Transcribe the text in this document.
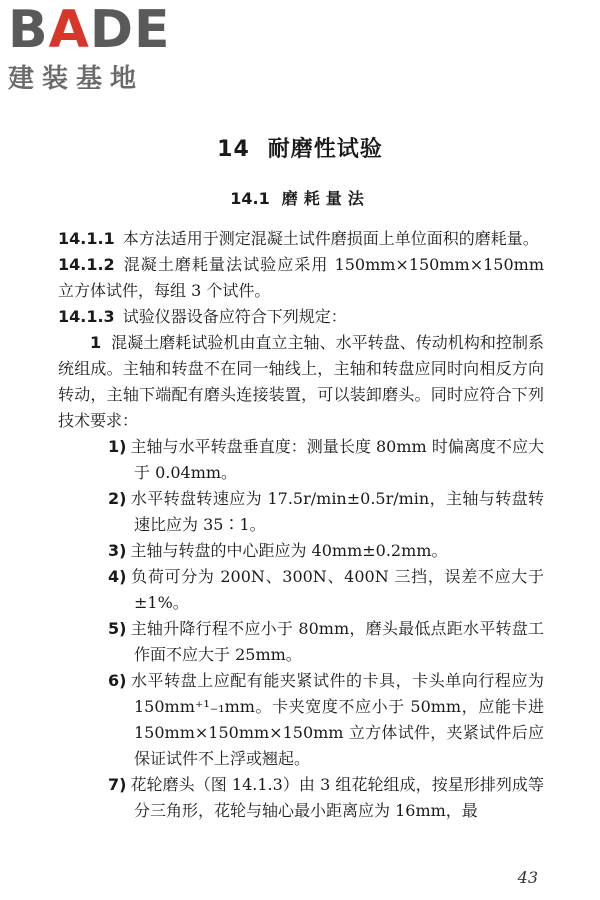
BADE
建装基地
14 耐磨性试验
14.1 磨耗量法

14.1.1 本方法适用于测定混凝土试件磨损面上单位面积的磨耗量。

14.1.2 混凝土磨耗量法试验应采用 150mm×150mm×150mm 立方体试件，每组 3 个试件。

14.1.3 试验仪器设备应符合下列规定：

1 混凝土磨耗试验机由直立主轴、水平转盘、传动机构和控制系统组成。主轴和转盘不在同一轴线上，主轴和转盘应同时向相反方向转动，主轴下端配有磨头连接装置，可以装卸磨头。同时应符合下列技术要求：

1) 主轴与水平转盘垂直度：测量长度 80mm 时偏离度不应大于 0.04mm。

2) 水平转盘转速应为 17.5r/min±0.5r/min，主轴与转盘转速比应为 35∶1。

3) 主轴与转盘的中心距应为 40mm±0.2mm。

4) 负荷可分为 200N、300N、400N 三挡，误差不应大于±1%。

5) 主轴升降行程不应小于 80mm，磨头最低点距水平转盘工作面不应大于 25mm。

6) 水平转盘上应配有能夹紧试件的卡具，卡头单向行程应为150mm⁺¹₋₁mm。卡夹宽度不应小于 50mm，应能卡进 150mm×150mm×150mm 立方体试件，夹紧试件后应保证试件不上浮或翘起。

7) 花轮磨头（图 14.1.3）由 3 组花轮组成，按星形排列成等分三角形，花轮与轴心最小距离应为 16mm，最

43
